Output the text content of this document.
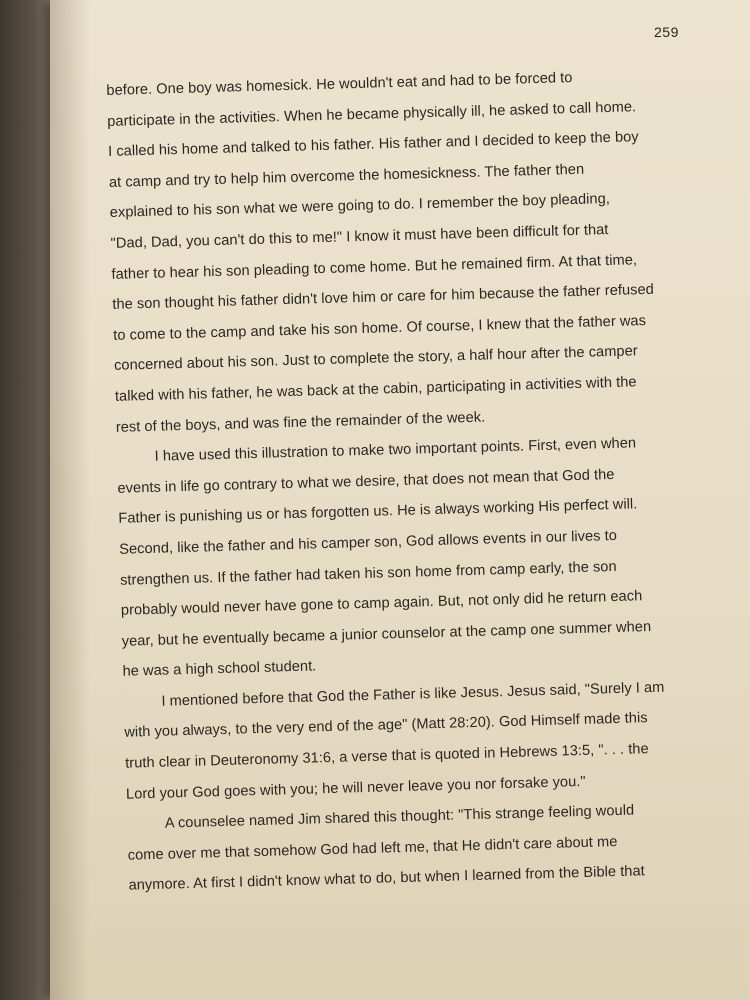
259
before. One boy was homesick. He wouldn't eat and had to be forced to
participate in the activities. When he became physically ill, he asked to call home.
I called his home and talked to his father. His father and I decided to keep the boy
at camp and try to help him overcome the homesickness. The father then
explained to his son what we were going to do. I remember the boy pleading,
"Dad, Dad, you can't do this to me!" I know it must have been difficult for that
father to hear his son pleading to come home. But he remained firm. At that time,
the son thought his father didn't love him or care for him because the father refused
to come to the camp and take his son home. Of course, I knew that the father was
concerned about his son. Just to complete the story, a half hour after the camper
talked with his father, he was back at the cabin, participating in activities with the
rest of the boys, and was fine the remainder of the week.
I have used this illustration to make two important points. First, even when
events in life go contrary to what we desire, that does not mean that God the
Father is punishing us or has forgotten us. He is always working His perfect will.
Second, like the father and his camper son, God allows events in our lives to
strengthen us. If the father had taken his son home from camp early, the son
probably would never have gone to camp again. But, not only did he return each
year, but he eventually became a junior counselor at the camp one summer when
he was a high school student.
I mentioned before that God the Father is like Jesus. Jesus said, "Surely I am
with you always, to the very end of the age" (Matt 28:20). God Himself made this
truth clear in Deuteronomy 31:6, a verse that is quoted in Hebrews 13:5, ". . . the
Lord your God goes with you; he will never leave you nor forsake you."
A counselee named Jim shared this thought: "This strange feeling would
come over me that somehow God had left me, that He didn't care about me
anymore. At first I didn't know what to do, but when I learned from the Bible that
